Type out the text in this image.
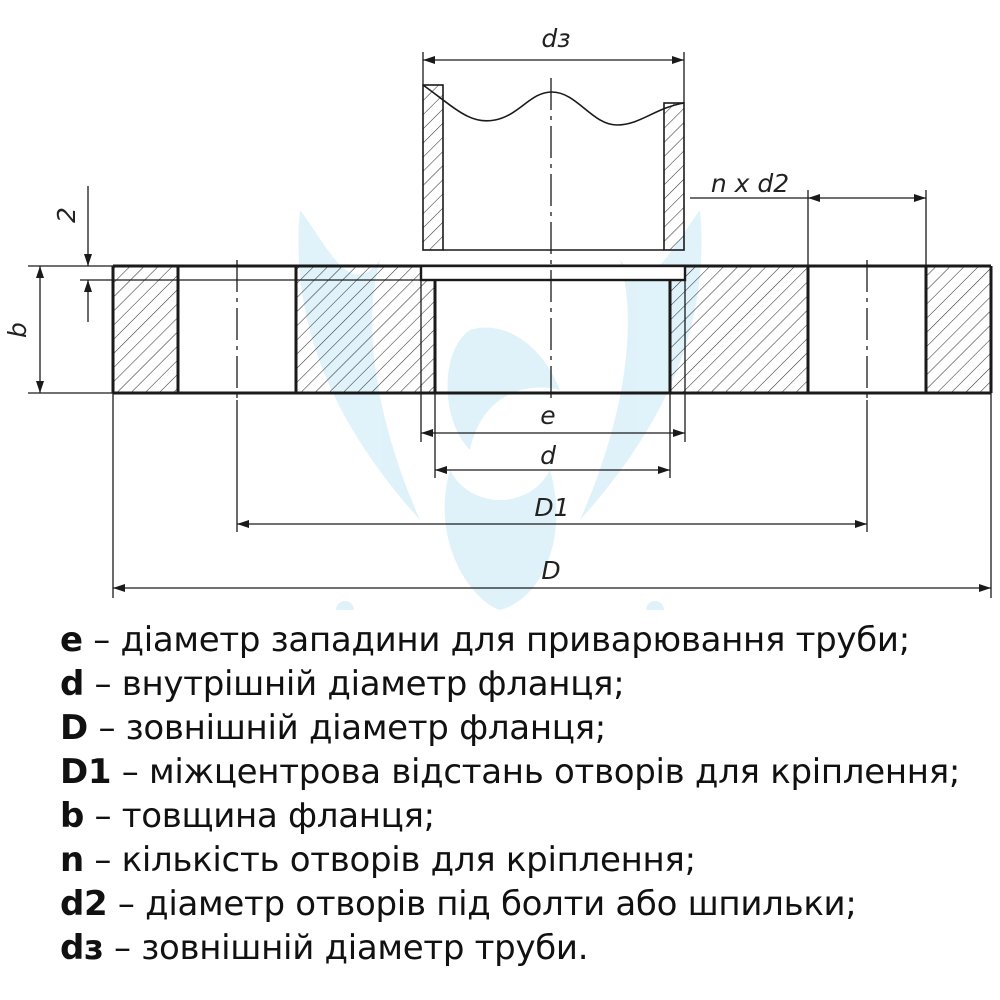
dз
n x d2
2
b
e
d
D1
D
e – діаметр западини для приварювання труби;
d – внутрішній діаметр фланця;
D – зовнішній діаметр фланця;
D1 – міжцентрова відстань отворів для кріплення;
b – товщина фланця;
n – кількість отворів для кріплення;
d2 – діаметр отворів під болти або шпильки;
dз – зовнішній діаметр труби.
